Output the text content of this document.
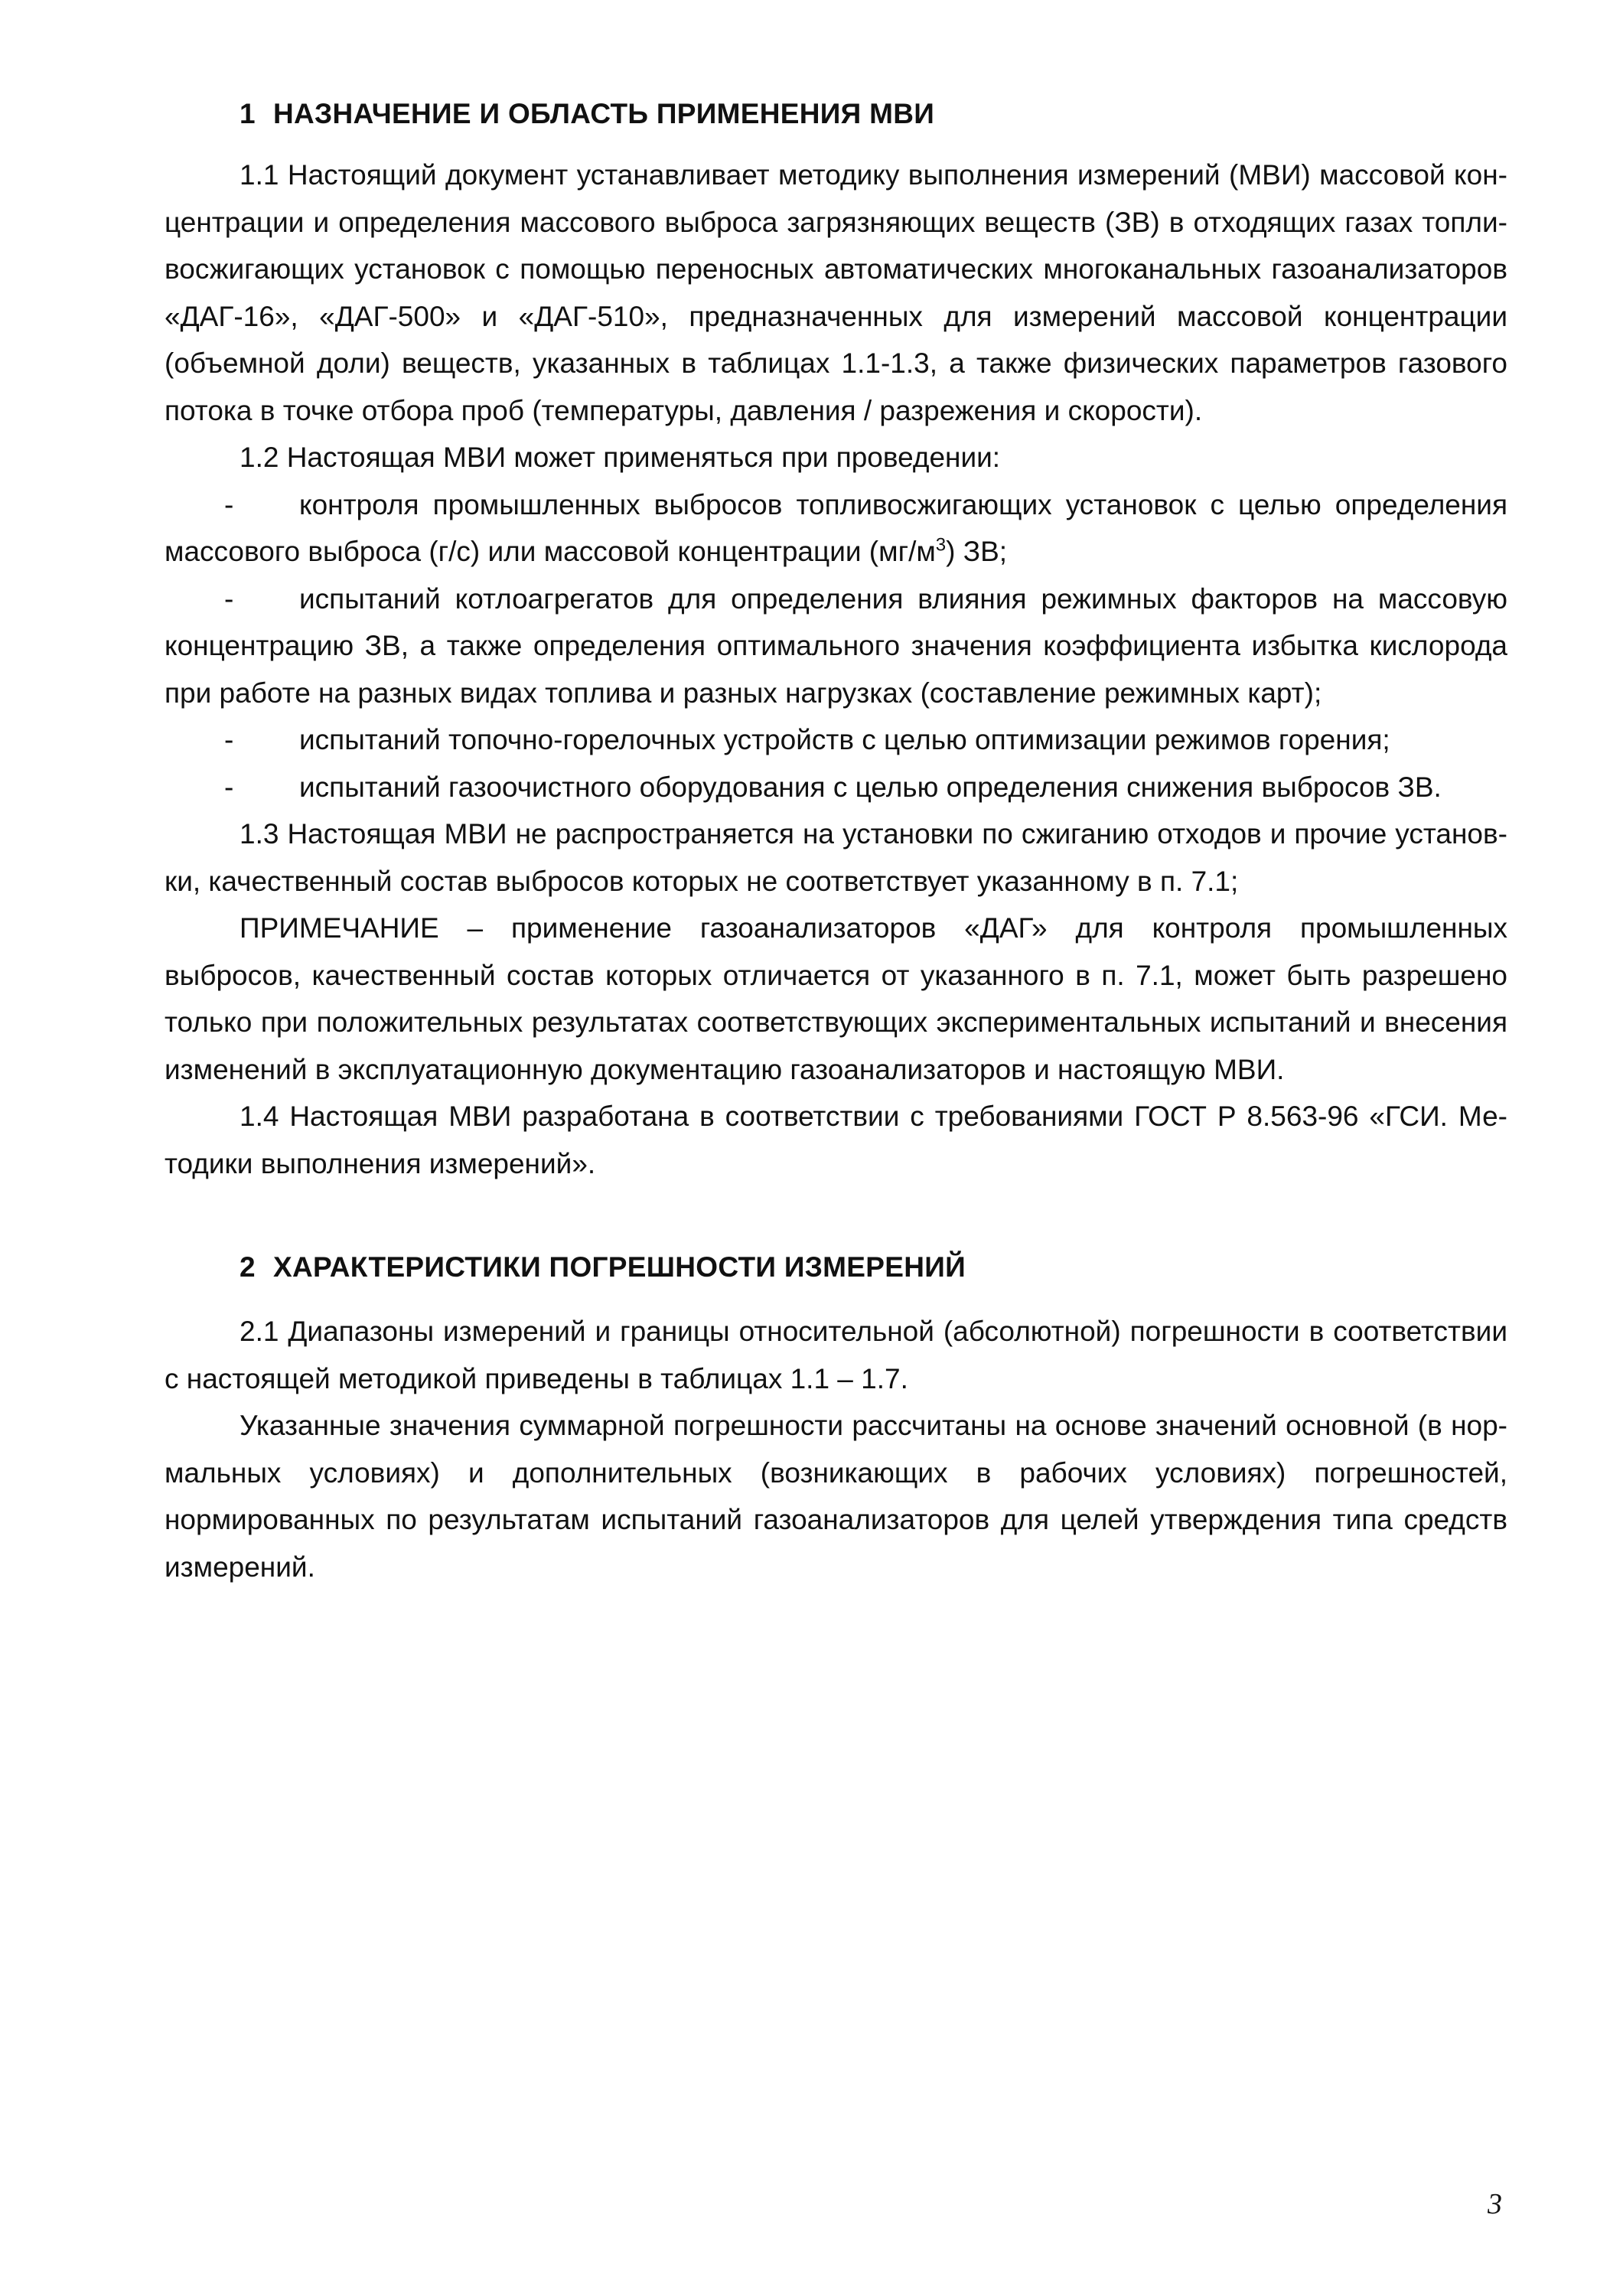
1 НАЗНАЧЕНИЕ И ОБЛАСТЬ ПРИМЕНЕНИЯ МВИ

1.1 Настоящий документ устанавливает методику выполнения измерений (МВИ) массовой концентрации и определения массового выброса загрязняющих веществ (ЗВ) в отходящих газах топливосжигающих установок с помощью переносных автоматических многоканальных газоанализаторов «ДАГ-16», «ДАГ-500» и «ДАГ-510», предназначенных для измерений массовой концентрации (объемной доли) веществ, указанных в таблицах 1.1-1.3, а также физических параметров газового потока в точке отбора проб (температуры, давления / разрежения и скорости).

1.2 Настоящая МВИ может применяться при проведении:

-контроля промышленных выбросов топливосжигающих установок с целью определения массового выброса (г/с) или массовой концентрации $(мг/м^3)$ ЗВ;

-испытаний котлоагрегатов для определения влияния режимных факторов на массовую концентрацию ЗВ, а также определения оптимального значения коэффициента избытка кислорода при работе на разных видах топлива и разных нагрузках (составление режимных карт);

-испытаний топочно-горелочных устройств с целью оптимизации режимов горения;

-испытаний газоочистного оборудования с целью определения снижения выбросов ЗВ.

1.3 Настоящая МВИ не распространяется на установки по сжиганию отходов и прочие установки, качественный состав выбросов которых не соответствует указанному в п. 7.1;

ПРИМЕЧАНИЕ – применение газоанализаторов «ДАГ» для контроля промышленных выбросов, качественный состав которых отличается от указанного в п. 7.1, может быть разрешено только при положительных результатах соответствующих экспериментальных испытаний и внесения изменений в эксплуатационную документацию газоанализаторов и настоящую МВИ.

1.4 Настоящая МВИ разработана в соответствии с требованиями ГОСТ Р 8.563-96 «ГСИ. Методики выполнения измерений».

2 ХАРАКТЕРИСТИКИ ПОГРЕШНОСТИ ИЗМЕРЕНИЙ

2.1 Диапазоны измерений и границы относительной (абсолютной) погрешности в соответствии с настоящей методикой приведены в таблицах 1.1 – 1.7.

Указанные значения суммарной погрешности рассчитаны на основе значений основной (в нормальных условиях) и дополнительных (возникающих в рабочих условиях) погрешностей, нормированных по результатам испытаний газоанализаторов для целей утверждения типа средств измерений.

3
